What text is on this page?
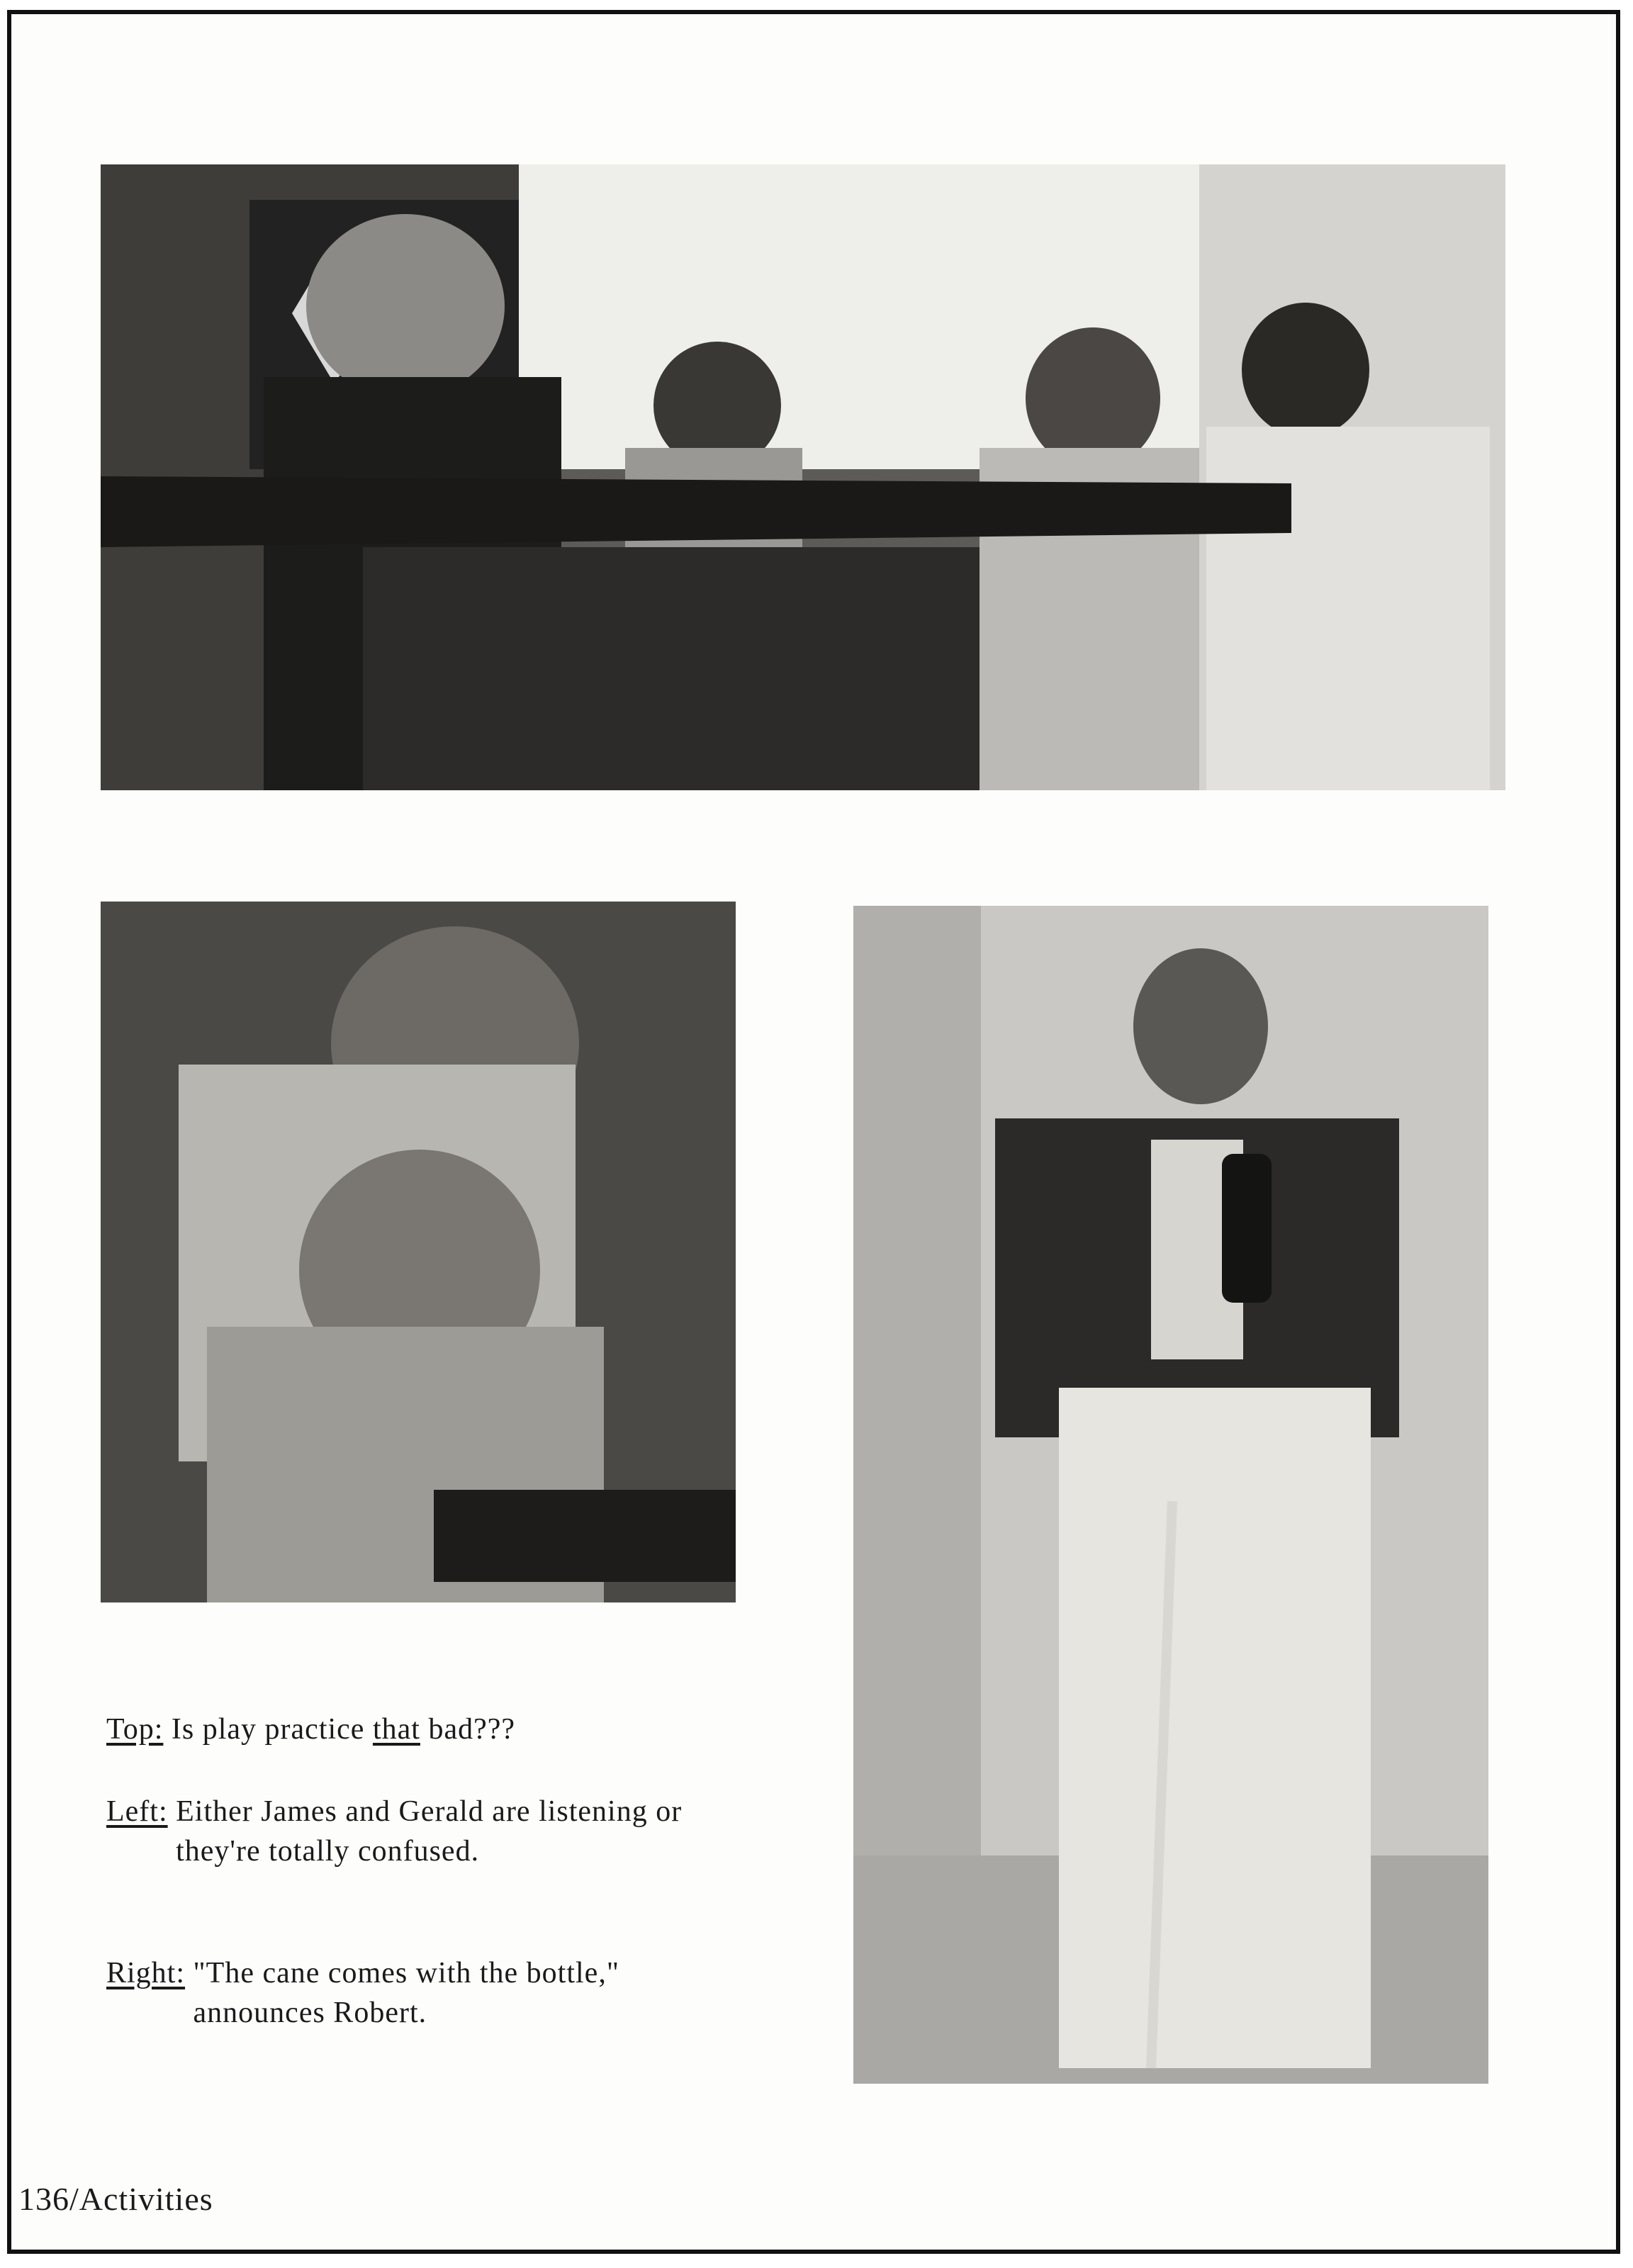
Top: Is play practice that bad???
Left: Either James and Gerald are listening or they're totally confused.
Right: "The cane comes with the bottle," announces Robert.
136/Activities
